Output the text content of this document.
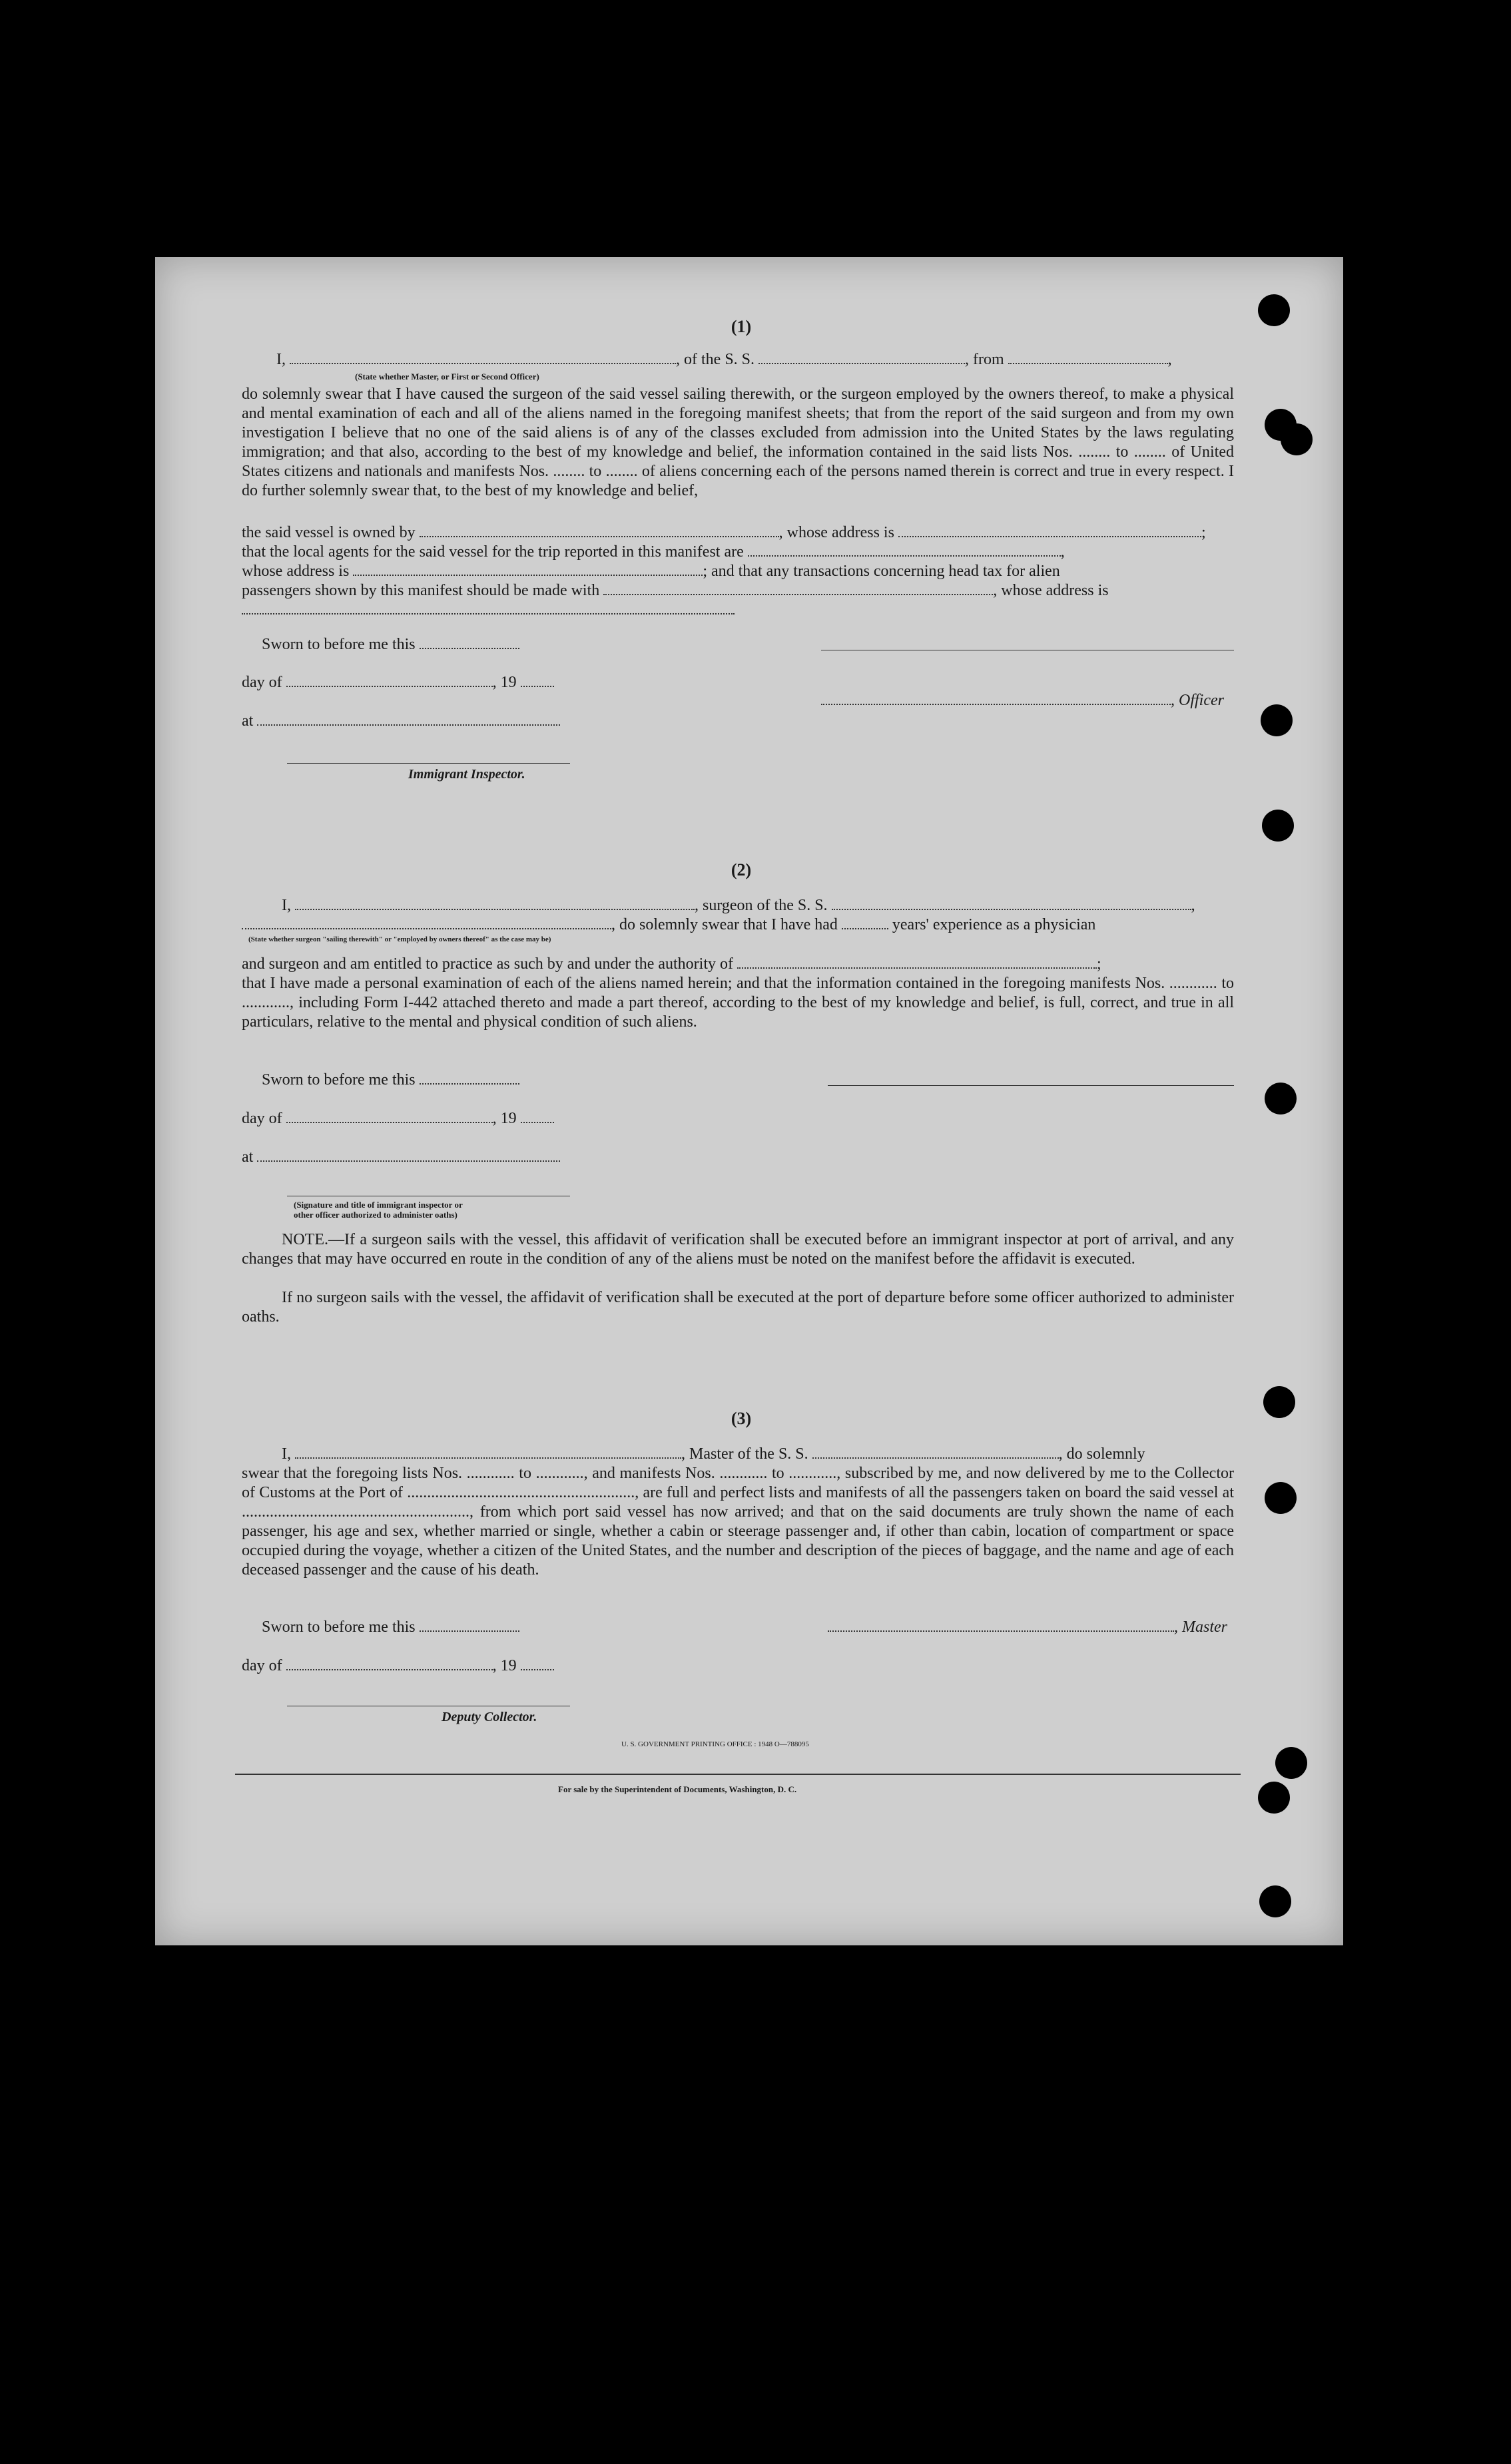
(1)
I,	, of the S. S.	, from	,
(State whether Master, or First or Second Officer)
do solemnly swear that I have caused the surgeon of the said vessel sailing therewith, or the surgeon employed by the owners thereof, to make a physical and mental examination of each and all of the aliens named in the foregoing manifest sheets; that from the report of the said surgeon and from my own investigation I believe that no one of the said aliens is of any of the classes excluded from admission into the United States by the laws regulating immigration; and that also, according to the best of my knowledge and belief, the information contained in the said lists Nos. ........ to ........ of United States citizens and nationals and manifests Nos. ........ to ........ of aliens concerning each of the persons named therein is correct and true in every respect. I do further solemnly swear that, to the best of my knowledge and belief,
the said vessel is owned by	, whose address is	;
that the local agents for the said vessel for the trip reported in this manifest are	,
whose address is	; and that any transactions concerning head tax for alien
passengers shown by this manifest should be made with	, whose address is
Sworn to before me this
day of	, 19
, Officer
at
Immigrant Inspector.
(2)
I,	, surgeon of the S. S.	,
, do solemnly swear that I have had	years' experience as a physician
(State whether surgeon "sailing therewith" or "employed by owners thereof" as the case may be)
and surgeon and am entitled to practice as such by and under the authority of	;
that I have made a personal examination of each of the aliens named herein; and that the information contained in the foregoing manifests Nos. ............ to ............, including Form I-442 attached thereto and made a part thereof, according to the best of my knowledge and belief, is full, correct, and true in all particulars, relative to the mental and physical condition of such aliens.
Sworn to before me this
day of	, 19
at
(Signature and title of immigrant inspector or
other officer authorized to administer oaths)
NOTE.—If a surgeon sails with the vessel, this affidavit of verification shall be executed before an immigrant inspector at port of arrival, and any changes that may have occurred en route in the condition of any of the aliens must be noted on the manifest before the affidavit is executed.
If no surgeon sails with the vessel, the affidavit of verification shall be executed at the port of departure before some officer authorized to administer oaths.
(3)
I,	, Master of the S. S.	, do solemnly
swear that the foregoing lists Nos. ............ to ............, and manifests Nos. ............ to ............, subscribed by me, and now delivered by me to the Collector of Customs at the Port of ........................................................., are full and perfect lists and manifests of all the passengers taken on board the said vessel at ........................................................., from which port said vessel has now arrived; and that on the said documents are truly shown the name of each passenger, his age and sex, whether married or single, whether a cabin or steerage passenger and, if other than cabin, location of compartment or space occupied during the voyage, whether a citizen of the United States, and the number and description of the pieces of baggage, and the name and age of each deceased passenger and the cause of his death.
Sworn to before me this	, Master
day of	, 19
Deputy Collector.
U. S. GOVERNMENT PRINTING OFFICE : 1948 O—788095
For sale by the Superintendent of Documents, Washington, D. C.
